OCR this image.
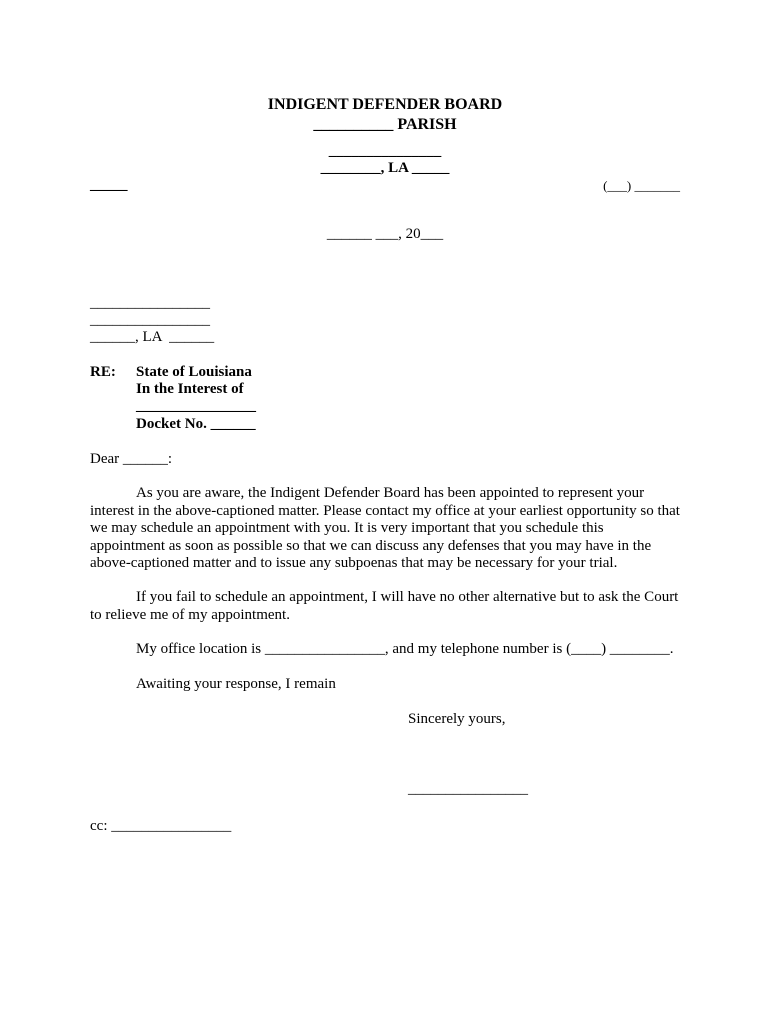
INDIGENT DEFENDER BOARD
__________ PARISH
_______________
________, LA _____
_____	(___) _______
______ ___, 20___
________________
________________
______, LA  ______
RE: State of Louisiana
In the Interest of
________________
Docket No. ______
Dear ______:
As you are aware, the Indigent Defender Board has been appointed to represent your interest in the above-captioned matter. Please contact my office at your earliest opportunity so that we may schedule an appointment with you. It is very important that you schedule this appointment as soon as possible so that we can discuss any defenses that you may have in the above-captioned matter and to issue any subpoenas that may be necessary for your trial.
If you fail to schedule an appointment, I will have no other alternative but to ask the Court to relieve me of my appointment.
My office location is ________________, and my telephone number is (____) ________.
Awaiting your response, I remain
Sincerely yours,
________________
cc: ________________
